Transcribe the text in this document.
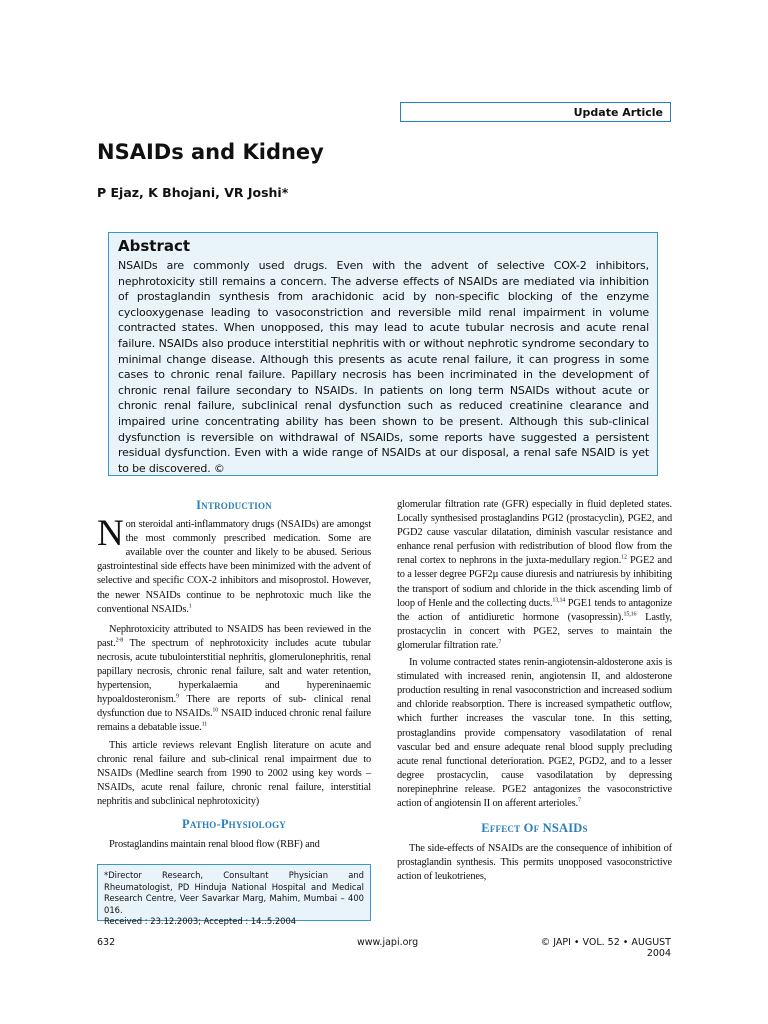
Update Article
NSAIDs and Kidney
P Ejaz, K Bhojani, VR Joshi*
Abstract
NSAIDs are commonly used drugs. Even with the advent of selective COX-2 inhibitors, nephrotoxicity still remains a concern. The adverse effects of NSAIDs are mediated via inhibition of prostaglandin synthesis from arachidonic acid by non-specific blocking of the enzyme cyclooxygenase leading to vasoconstriction and reversible mild renal impairment in volume contracted states. When unopposed, this may lead to acute tubular necrosis and acute renal failure. NSAIDs also produce interstitial nephritis with or without nephrotic syndrome secondary to minimal change disease. Although this presents as acute renal failure, it can progress in some cases to chronic renal failure. Papillary necrosis has been incriminated in the development of chronic renal failure secondary to NSAIDs. In patients on long term NSAIDs without acute or chronic renal failure, subclinical renal dysfunction such as reduced creatinine clearance and impaired urine concentrating ability has been shown to be present. Although this sub-clinical dysfunction is reversible on withdrawal of NSAIDs, some reports have suggested a persistent residual dysfunction. Even with a wide range of NSAIDs at our disposal, a renal safe NSAID is yet to be discovered. ©
Introduction

Non steroidal anti-inflammatory drugs (NSAIDs) are amongst the most commonly prescribed medication. Some are available over the counter and likely to be abused. Serious gastrointestinal side effects have been minimized with the advent of selective and specific COX-2 inhibitors and misoprostol. However, the newer NSAIDs continue to be nephrotoxic much like the conventional NSAIDs.$^1$

Nephrotoxicity attributed to NSAIDS has been reviewed in the past.$^{2-8}$ The spectrum of nephrotoxicity includes acute tubular necrosis, acute tubulointerstitial nephritis, glomerulonephritis, renal papillary necrosis, chronic renal failure, salt and water retention, hypertension, hyperkalaemia and hypereninaemic hypoaldosteronism.$^9$ There are reports of sub- clinical renal dysfunction due to NSAIDs.$^{10}$ NSAID induced chronic renal failure remains a debatable issue.$^{11}$

This article reviews relevant English literature on acute and chronic renal failure and sub-clinical renal impairment due to NSAIDs (Medline search from 1990 to 2002 using key words – NSAIDs, acute renal failure, chronic renal failure, interstitial nephritis and subclinical nephrotoxicity)

Patho-Physiology

Prostaglandins maintain renal blood flow (RBF) and

glomerular filtration rate (GFR) especially in fluid depleted states. Locally synthesised prostaglandins PGI2 (prostacyclin), PGE2, and PGD2 cause vascular dilatation, diminish vascular resistance and enhance renal perfusion with redistribution of blood flow from the renal cortex to nephrons in the juxta-medullary region.$^{12}$ PGE2 and to a lesser degree PGF2µ cause diuresis and natriuresis by inhibiting the transport of sodium and chloride in the thick ascending limb of loop of Henle and the collecting ducts.$^{13,14}$ PGE1 tends to antagonize the action of antidiuretic hormone (vasopressin).$^{15,16}$ Lastly, prostacyclin in concert with PGE2, serves to maintain the glomerular filtration rate.$^7$

In volume contracted states renin-angiotensin-aldosterone axis is stimulated with increased renin, angiotensin II, and aldosterone production resulting in renal vasoconstriction and increased sodium and chloride reabsorption. There is increased sympathetic outflow, which further increases the vascular tone. In this setting, prostaglandins provide compensatory vasodilatation of renal vascular bed and ensure adequate renal blood supply precluding acute renal functional deterioration. PGE2, PGD2, and to a lesser degree prostacyclin, cause vasodilatation by depressing norepinephrine release. PGE2 antagonizes the vasoconstrictive action of angiotensin II on afferent arterioles.$^7$

Effect Of NSAIDs

The side-effects of NSAIDs are the consequence of inhibition of prostaglandin synthesis. This permits unopposed vasoconstrictive action of leukotrienes,

*Director Research, Consultant Physician and Rheumatologist, PD Hinduja National Hospital and Medical Research Centre, Veer Savarkar Marg, Mahim, Mumbai – 400 016.
Received : 23.12.2003; Accepted : 14..5.2004
632	www.japi.org	© JAPI • VOL. 52 • AUGUST 2004
